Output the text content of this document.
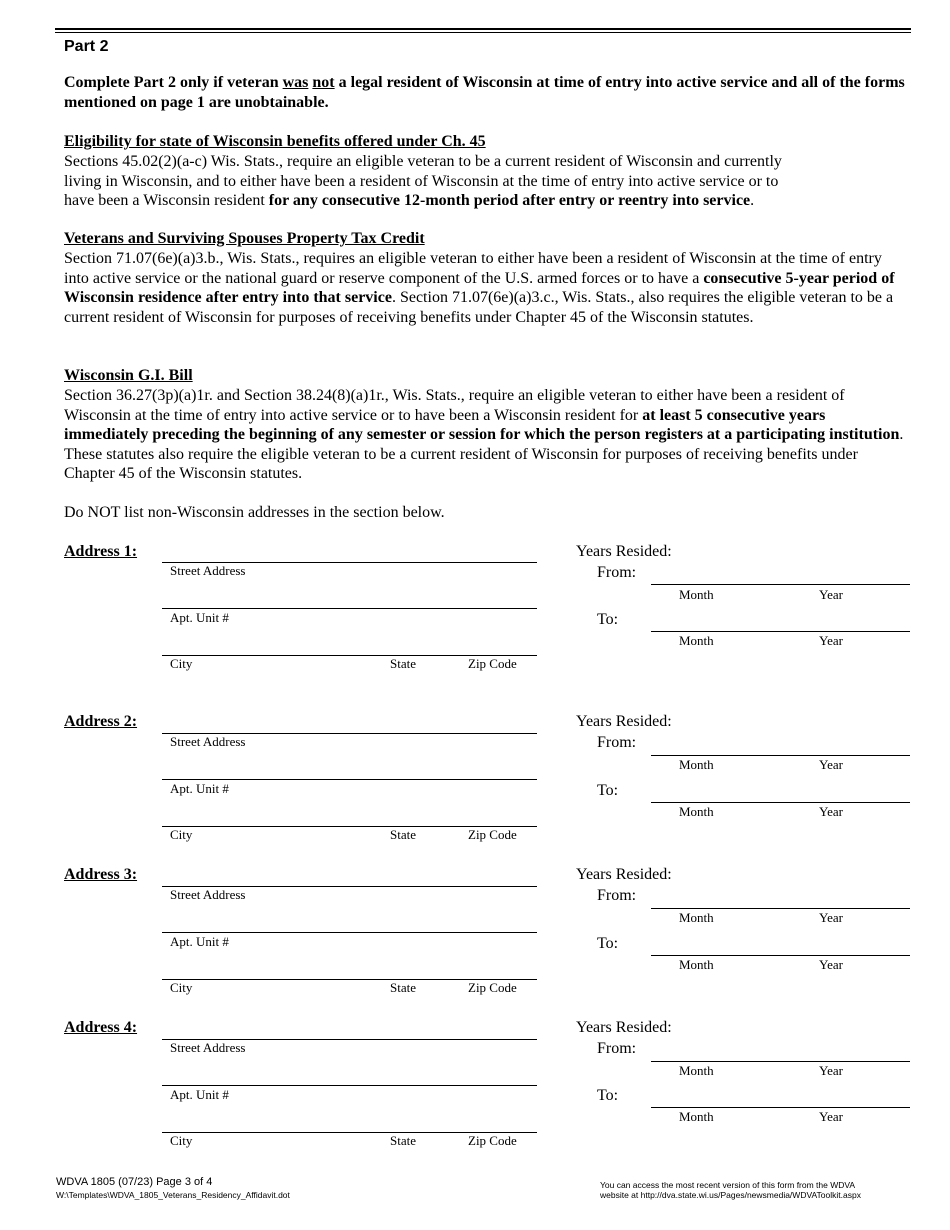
Part 2

Complete Part 2 only if veteran was not a legal resident of Wisconsin at time of entry into active service and all of the forms mentioned on page 1 are unobtainable.

Eligibility for state of Wisconsin benefits offered under Ch. 45
Sections 45.02(2)(a-c) Wis. Stats., require an eligible veteran to be a current resident of Wisconsin and currently
living in Wisconsin, and to either have been a resident of Wisconsin at the time of entry into active service or to
have been a Wisconsin resident for any consecutive 12-month period after entry or reentry into service.
Veterans and Surviving Spouses Property Tax Credit

Section 71.07(6e)(a)3.b., Wis. Stats., requires an eligible veteran to either have been a resident of Wisconsin at the time of entry into active service or the national guard or reserve component of the U.S. armed forces or to have a consecutive 5-year period of Wisconsin residence after entry into that service. Section 71.07(6e)(a)3.c., Wis. Stats., also requires the eligible veteran to be a current resident of Wisconsin for purposes of receiving benefits under Chapter 45 of the Wisconsin statutes.

Wisconsin G.I. Bill

Section 36.27(3p)(a)1r. and Section 38.24(8)(a)1r., Wis. Stats., require an eligible veteran to either have been a resident of Wisconsin at the time of entry into active service or to have been a Wisconsin resident for at least 5 consecutive years immediately preceding the beginning of any semester or session for which the person registers at a participating institution. These statutes also require the eligible veteran to be a current resident of Wisconsin for purposes of receiving benefits under Chapter 45 of the Wisconsin statutes.

Do NOT list non-Wisconsin addresses in the section below.
Address 1:
Street Address
Apt. Unit #
City	State	Zip Code
Years Resided:
From:
Month	Year
To:
Month	Year
Address 2:
Street Address
Apt. Unit #
City	State	Zip Code
Years Resided:
From:
Month	Year
To:
Month	Year
Address 3:
Street Address
Apt. Unit #
City	State	Zip Code
Years Resided:
From:
Month	Year
To:
Month	Year
Address 4:
Street Address
Apt. Unit #
City	State	Zip Code
Years Resided:
From:
Month	Year
To:
Month	Year
WDVA 1805 (07/23) Page 3 of 4
W:\Templates\WDVA_1805_Veterans_Residency_Affidavit.dot
You can access the most recent version of this form from the WDVA
website at http://dva.state.wi.us/Pages/newsmedia/WDVAToolkit.aspx
